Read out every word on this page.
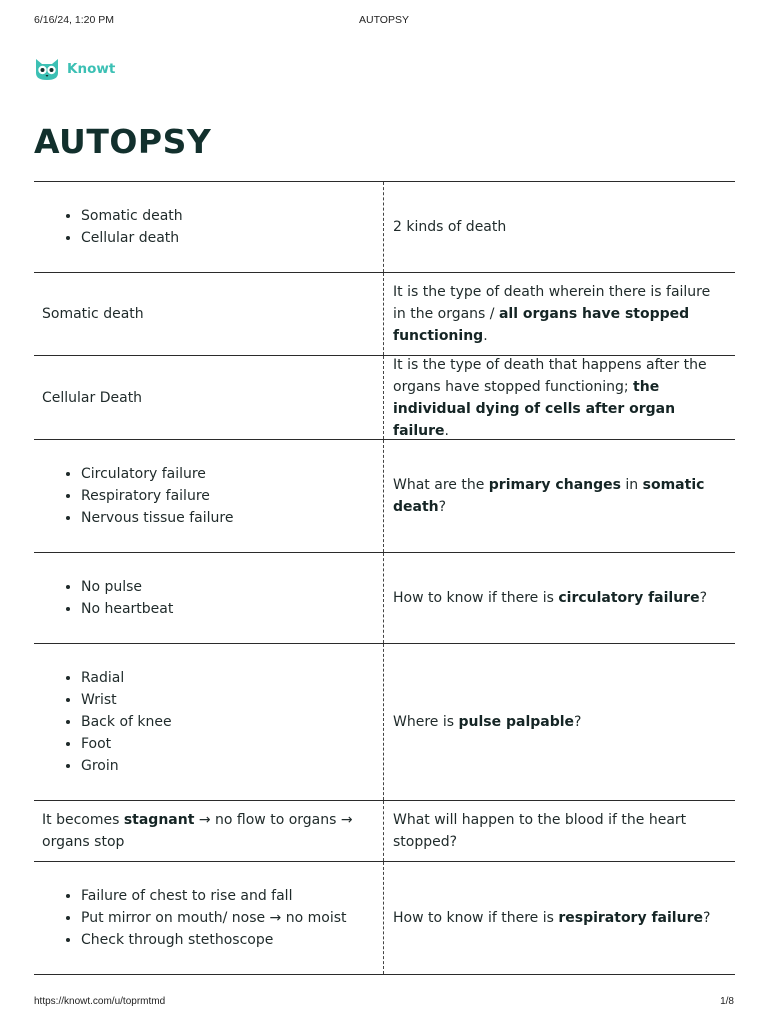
6/16/24, 1:20 PM	AUTOPSY
Knowt
AUTOPSY
• Somatic death
• Cellular death
2 kinds of death
Somatic death
It is the type of death wherein there is failure in the organs / all organs have stopped functioning.
Cellular Death
It is the type of death that happens after the organs have stopped functioning; the individual dying of cells after organ failure.
• Circulatory failure
• Respiratory failure
• Nervous tissue failure
What are the primary changes in somatic death?
• No pulse
• No heartbeat
How to know if there is circulatory failure?
• Radial
• Wrist
• Back of knee
• Foot
• Groin
Where is pulse palpable?
It becomes stagnant → no flow to organs → organs stop
What will happen to the blood if the heart stopped?
• Failure of chest to rise and fall
• Put mirror on mouth/ nose → no moist
• Check through stethoscope
How to know if there is respiratory failure?
https://knowt.com/u/toprmtmd	1/8
